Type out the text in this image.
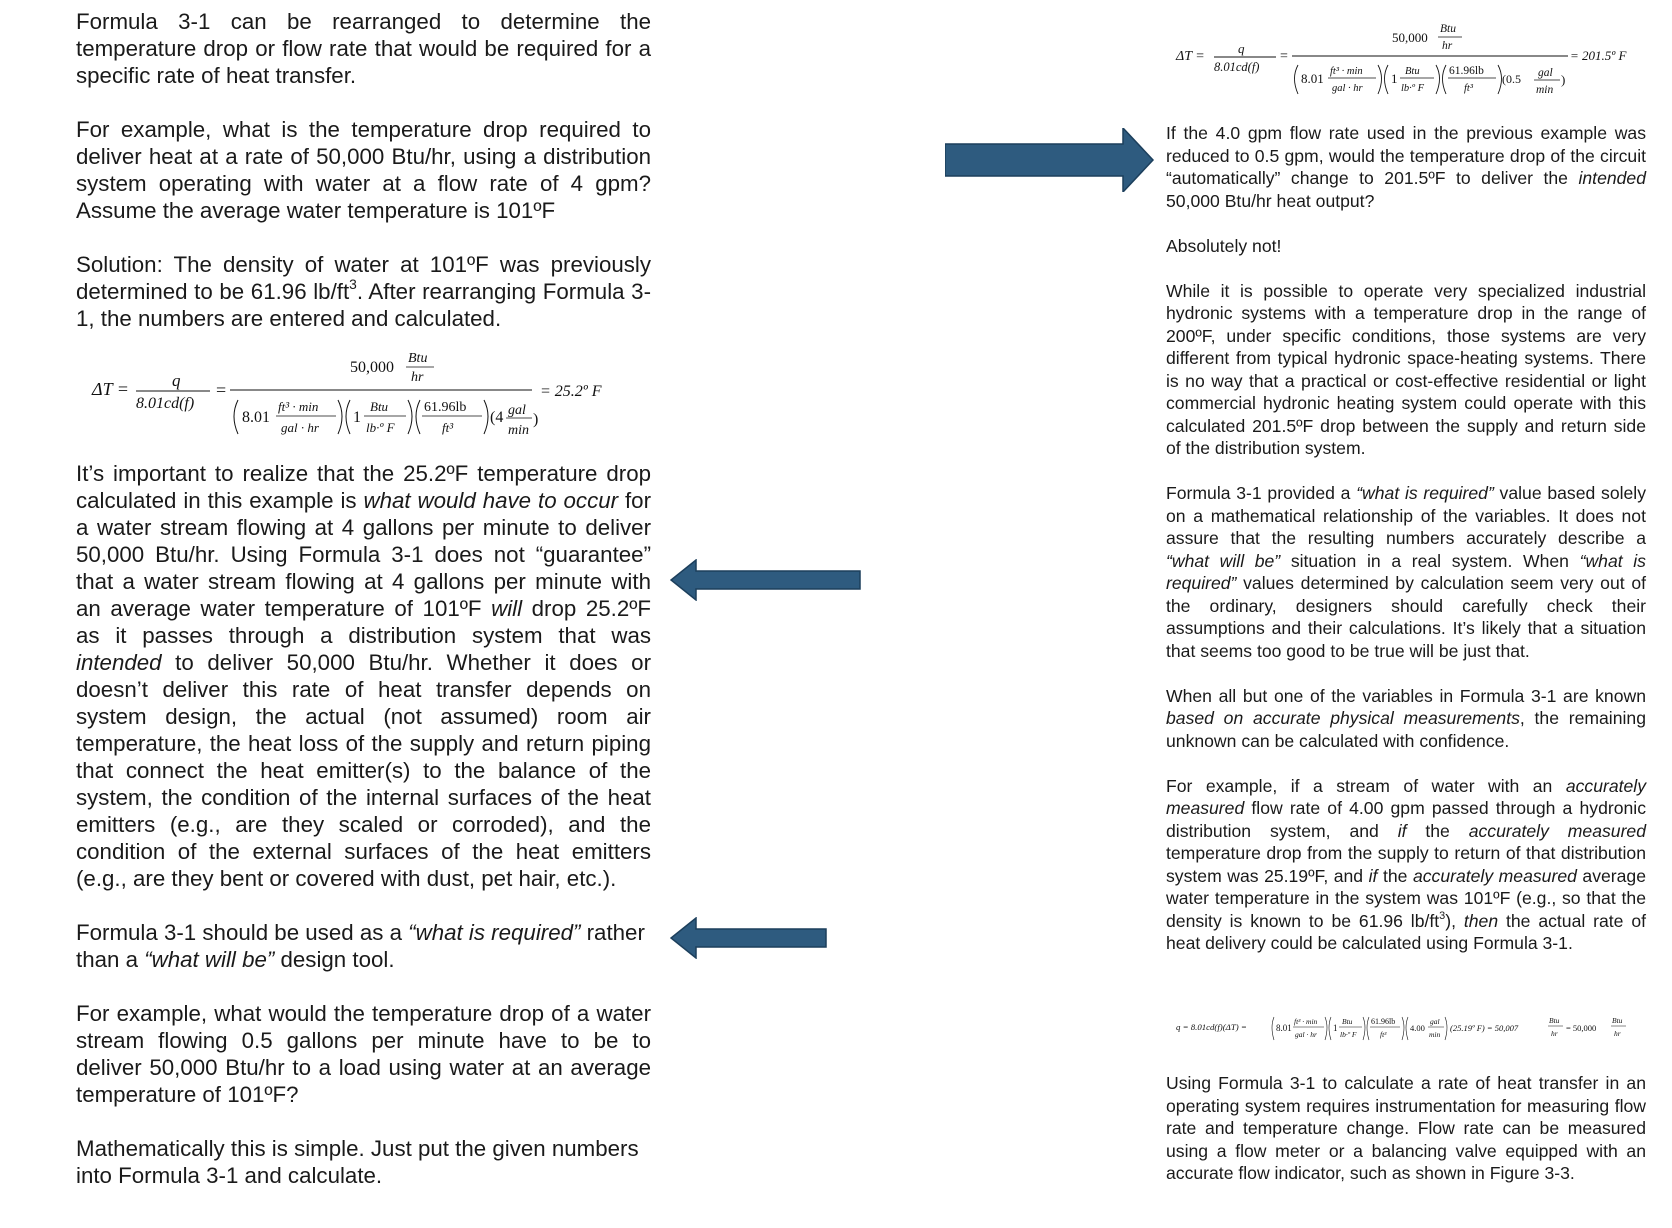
Formula 3-1 can be rearranged to determine the temperature drop or flow rate that would be required for a specific rate of heat transfer.

For example, what is the temperature drop required to deliver heat at a rate of 50,000 Btu/hr, using a distribution system operating with water at a flow rate of 4 gpm? Assume the average water temperature is 101ºF

Solution: The density of water at 101ºF was previously determined to be 61.96 $lb/ft^3$. After rearranging Formula 3-1, the numbers are entered and calculated.

It’s important to realize that the 25.2ºF temperature drop calculated in this example is what would have to occur for a water stream flowing at 4 gallons per minute to deliver 50,000 Btu/hr. Using Formula 3-1 does not “guarantee” that a water stream flowing at 4 gallons per minute with an average water temperature of 101ºF will drop 25.2ºF as it passes through a distribution system that was intended to deliver 50,000 Btu/hr. Whether it does or doesn’t deliver this rate of heat transfer depends on system design, the actual (not assumed) room air temperature, the heat loss of the supply and return piping that connect the heat emitter(s) to the balance of the system, the condition of the internal surfaces of the heat emitters (e.g., are they scaled or corroded), and the condition of the external surfaces of the heat emitters (e.g., are they bent or covered with dust, pet hair, etc.).

Formula 3-1 should be used as a “what is required” rather than a “what will be” design tool.

For example, what would the temperature drop of a water stream flowing 0.5 gallons per minute have to be to deliver 50,000 Btu/hr to a load using water at an average temperature of 101ºF?

Mathematically this is simple. Just put the given numbers into Formula 3-1 and calculate.

If the 4.0 gpm flow rate used in the previous example was reduced to 0.5 gpm, would the temperature drop of the circuit “automatically” change to 201.5ºF to deliver the intended 50,000 Btu/hr heat output?

Absolutely not!

While it is possible to operate very specialized industrial hydronic systems with a temperature drop in the range of 200ºF, under specific conditions, those systems are very different from typical hydronic space-heating systems. There is no way that a practical or cost-effective residential or light commercial hydronic heating system could operate with this calculated 201.5ºF drop between the supply and return side of the distribution system.

Formula 3-1 provided a “what is required” value based solely on a mathematical relationship of the variables. It does not assure that the resulting numbers accurately describe a “what will be” situation in a real system. When “what is required” values determined by calculation seem very out of the ordinary, designers should carefully check their assumptions and their calculations. It’s likely that a situation that seems too good to be true will be just that.

When all but one of the variables in Formula 3-1 are known based on accurate physical measurements, the remaining unknown can be calculated with confidence.

For example, if a stream of water with an accurately measured flow rate of 4.00 gpm passed through a hydronic distribution system, and if the accurately measured temperature drop from the supply to return of that distribution system was 25.19ºF, and if the accurately measured average water temperature in the system was 101ºF (e.g., so that the density is known to be 61.96 $lb/ft^3$), then the actual rate of heat delivery could be calculated using Formula 3-1.

Using Formula 3-1 to calculate a rate of heat transfer in an operating system requires instrumentation for measuring flow rate and temperature change. Flow rate can be measured using a flow meter or a balancing valve equipped with an accurate flow indicator, such as shown in Figure 3-3.

ΔT =	q
8.01cd(f)
=
50,000
Btu
hr
8.01
ft³ · min
gal · hr
1
Btu
lb·º F
61.96lb
ft³
(4 gal
min
)
= 25.2º F
ΔT =
q
8.01cd(f)
=
50,000
Btu
hr
8.01 ft³ · min
gal · hr
1 Btu
lb·º F
61.96lb
ft³
(0.5 gal
min
)
= 201.5º F
q = 8.01cd(f)(ΔT) =	8.01
ft³ · min
gal · hr
1
Btu
lb·º F
61.96lb
ft³
4.00
gal
min
(25.19º F) = 50,007
Btu
hr
= 50,000
Btu
hr
